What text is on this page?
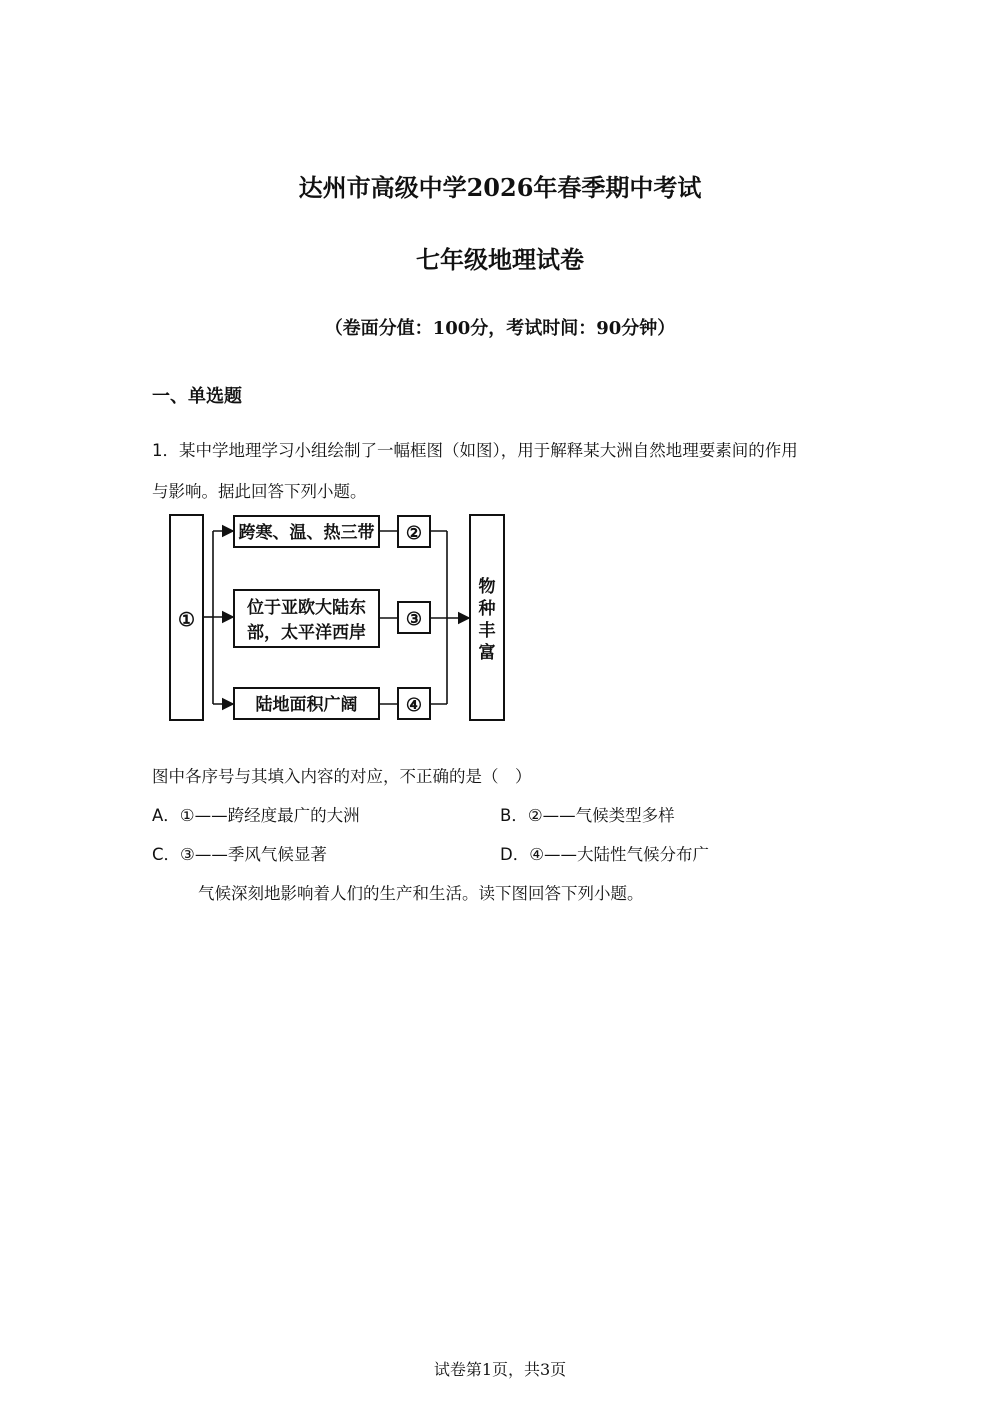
达州市高级中学2026年春季期中考试
七年级地理试卷
（卷面分值：100分，考试时间：90分钟）
一、单选题
1．某中学地理学习小组绘制了一幅框图（如图），用于解释某大洲自然地理要素间的作用
与影响。据此回答下列小题。
①
跨寒、温、热三带
位于亚欧大陆东
部，太平洋西岸
陆地面积广阔
②
③
④
物
种
丰
富
图中各序号与其填入内容的对应，不正确的是（　）
A．①——跨经度最广的大洲	B．②——气候类型多样
C．③——季风气候显著	D．④——大陆性气候分布广
气候深刻地影响着人们的生产和生活。读下图回答下列小题。
试卷第1页，共3页
